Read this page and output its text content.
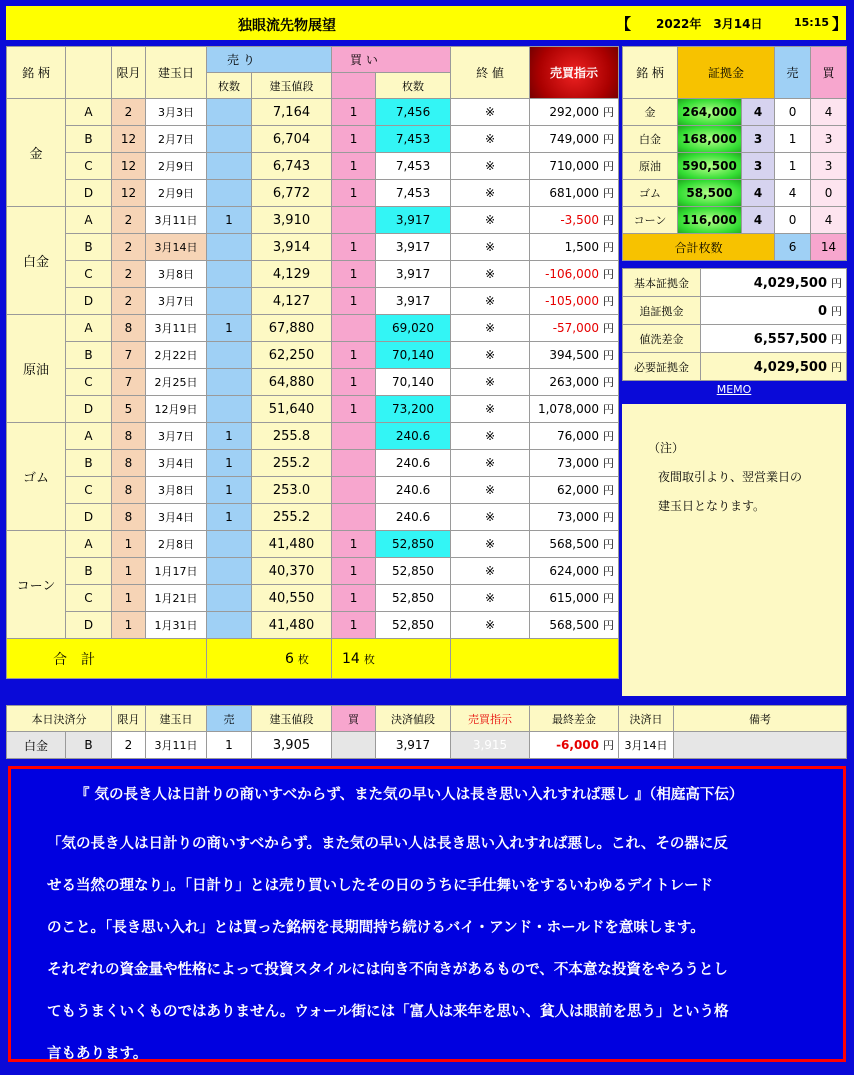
独眼流先物展望	【 2022年　3月14日	15:15 】
銘 柄		限月	建玉日	売 り		買 い		終 値	売買指示	
				枚数	建玉値段		枚数			
金	A	2	3月3日		7,164	1	7,456	※	292,000 円	
	B	12	2月7日		6,704	1	7,453	※	749,000 円	
	C	12	2月9日		6,743	1	7,453	※	710,000 円	
	D	12	2月9日		6,772	1	7,453	※	681,000 円	
白金	A	2	3月11日	1	3,910		3,917	※	-3,500 円	
	B	2	3月14日		3,914	1	3,917	※	1,500 円	
	C	2	3月8日		4,129	1	3,917	※	-106,000 円	
	D	2	3月7日		4,127	1	3,917	※	-105,000 円	
原油	A	8	3月11日	1	67,880		69,020	※	-57,000 円	
	B	7	2月22日		62,250	1	70,140	※	394,500 円	
	C	7	2月25日		64,880	1	70,140	※	263,000 円	
	D	5	12月9日		51,640	1	73,200	※	1,078,000 円	
ゴム	A	8	3月7日	1	255.8		240.6	※	76,000 円	
	B	8	3月4日	1	255.2		240.6	※	73,000 円	
	C	8	3月8日	1	253.0		240.6	※	62,000 円	
	D	8	3月4日	1	255.2		240.6	※	73,000 円	
コーン	A	1	2月8日		41,480	1	52,850	※	568,500 円	
	B	1	1月17日		40,370	1	52,850	※	624,000 円	
	C	1	1月21日		40,550	1	52,850	※	615,000 円	
	D	1	1月31日		41,480	1	52,850	※	568,500 円	
合　計				6 枚		14 枚		
銘 柄	証拠金		売	買
金	264,000	4	0	4
白金	168,000	3	1	3
原油	590,500	3	1	3
ゴム	58,500	4	4	0
コーン	116,000	4	0	4
合計枚数			6	14
基本証拠金	4,029,500 円
追証拠金	0 円
値洗差金	6,557,500 円
必要証拠金	4,029,500 円
MEMO
（注）
夜間取引より、翌営業日の
建玉日となります。
本日決済分		限月	建玉日	売	建玉値段	買	決済値段	売買指示	最終差金	決済日	備考
白金	B	2	3月11日	1	3,905		3,917	3,915	-6,000 円	3月14日	
『 気の長き人は日計りの商いすべからず、また気の早い人は長き思い入れすれば悪し 』（相庭高下伝）
「気の長き人は日計りの商いすべからず。また気の早い人は長き思い入れすれば悪し。これ、その器に反
せる当然の理なり」。「日計り」とは売り買いしたその日のうちに手仕舞いをするいわゆるデイトレード
のこと。「長き思い入れ」とは買った銘柄を長期間持ち続けるバイ・アンド・ホールドを意味します。
それぞれの資金量や性格によって投資スタイルには向き不向きがあるもので、不本意な投資をやろうとし
てもうまくいくものではありません。ウォール街には「富人は来年を思い、貧人は眼前を思う」という格
言もあります。
